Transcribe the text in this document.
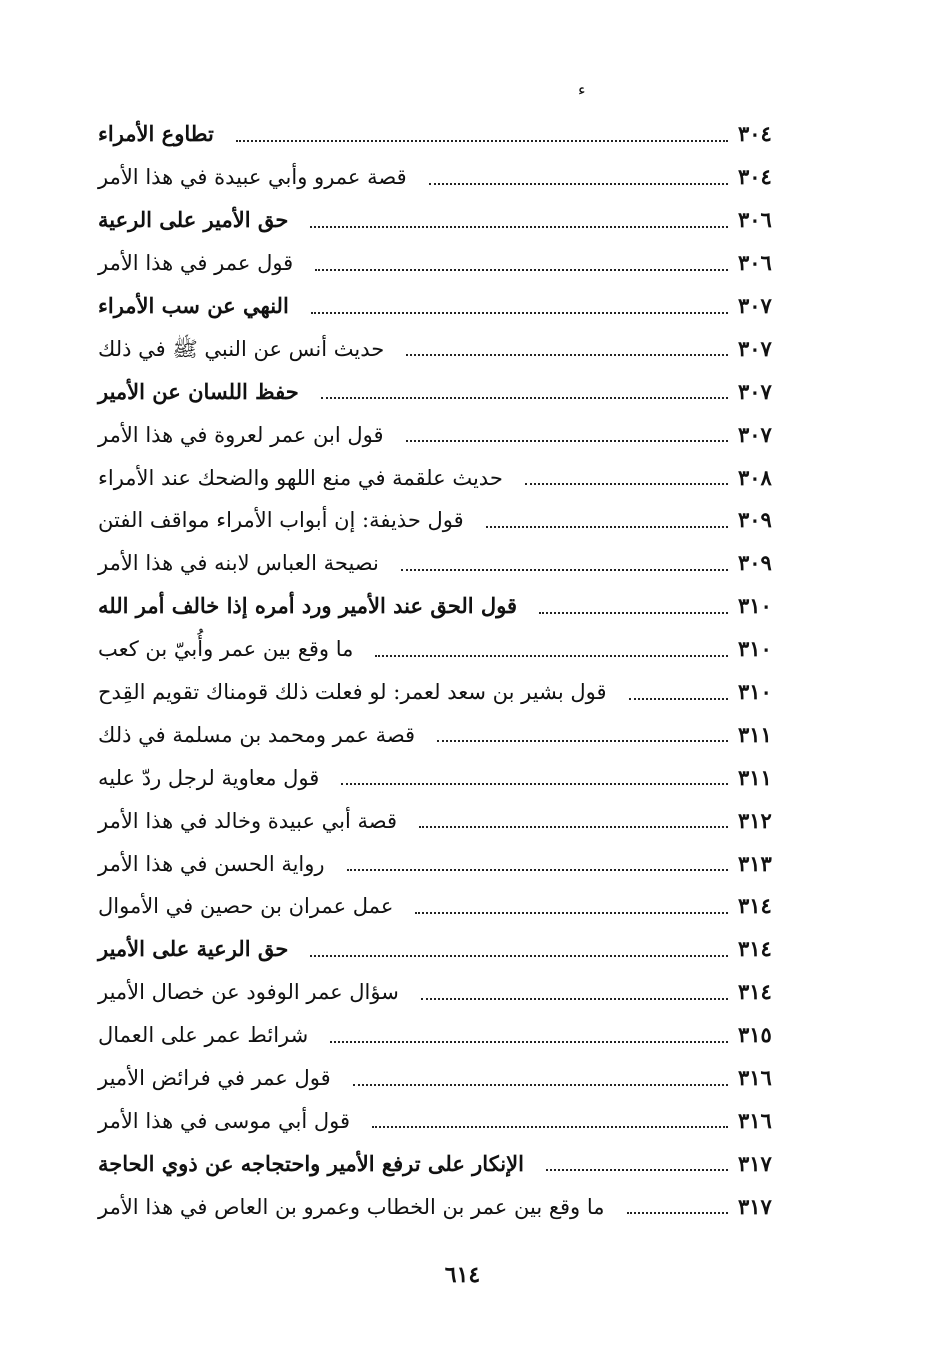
ء
تطاوع الأمراء	٣٠٤
قصة عمرو وأبي عبيدة في هذا الأمر	٣٠٤
حق الأمير على الرعية	٣٠٦
قول عمر في هذا الأمر	٣٠٦
النهي عن سب الأمراء	٣٠٧
حديث أنس عن النبي ﷺ في ذلك	٣٠٧
حفظ اللسان عن الأمير	٣٠٧
قول ابن عمر لعروة في هذا الأمر	٣٠٧
حديث علقمة في منع اللهو والضحك عند الأمراء	٣٠٨
قول حذيفة: إن أبواب الأمراء مواقف الفتن	٣٠٩
نصيحة العباس لابنه في هذا الأمر	٣٠٩
قول الحق عند الأمير ورد أمره إذا خالف أمر الله	٣١٠
ما وقع بين عمر وأُبيّ بن كعب	٣١٠
قول بشير بن سعد لعمر: لو فعلت ذلك قومناك تقويم القِدح	٣١٠
قصة عمر ومحمد بن مسلمة في ذلك	٣١١
قول معاوية لرجل ردّ عليه	٣١١
قصة أبي عبيدة وخالد في هذا الأمر	٣١٢
رواية الحسن في هذا الأمر	٣١٣
عمل عمران بن حصين في الأموال	٣١٤
حق الرعية على الأمير	٣١٤
سؤال عمر الوفود عن خصال الأمير	٣١٤
شرائط عمر على العمال	٣١٥
قول عمر في فرائض الأمير	٣١٦
قول أبي موسى في هذا الأمر	٣١٦
الإنكار على ترفع الأمير واحتجاجه عن ذوي الحاجة	٣١٧
ما وقع بين عمر بن الخطاب وعمرو بن العاص في هذا الأمر	٣١٧
٦١٤
